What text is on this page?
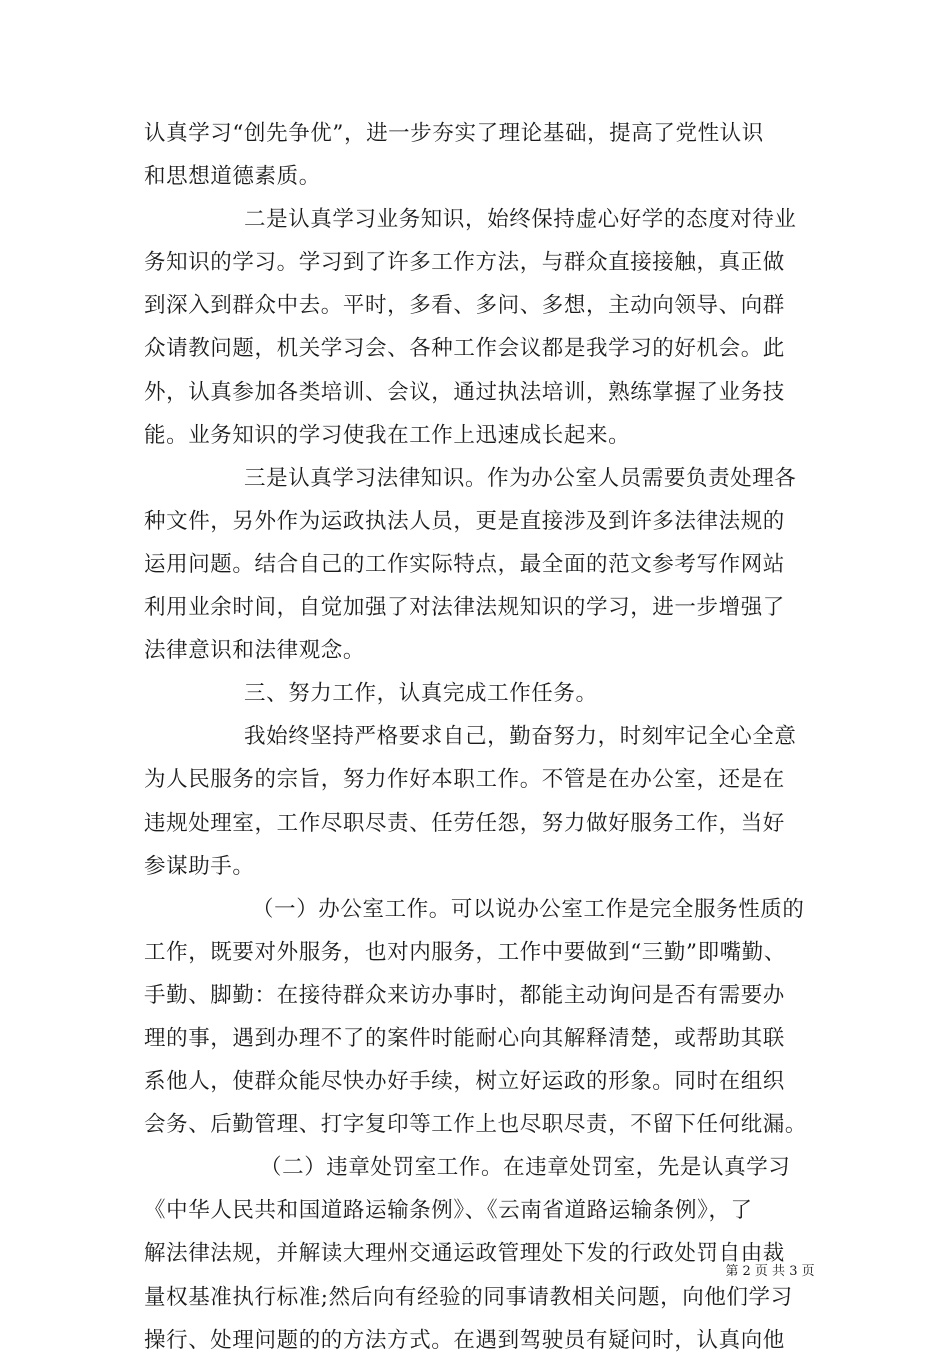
认真学习“创先争优”，进一步夯实了理论基础，提高了党性认识
和思想道德素质。
二是认真学习业务知识，始终保持虚心好学的态度对待业
务知识的学习。学习到了许多工作方法，与群众直接接触，真正做
到深入到群众中去。平时，多看、多问、多想，主动向领导、向群
众请教问题，机关学习会、各种工作会议都是我学习的好机会。此
外，认真参加各类培训、会议，通过执法培训，熟练掌握了业务技
能。业务知识的学习使我在工作上迅速成长起来。
三是认真学习法律知识。作为办公室人员需要负责处理各
种文件，另外作为运政执法人员，更是直接涉及到许多法律法规的
运用问题。结合自己的工作实际特点，最全面的范文参考写作网站
利用业余时间，自觉加强了对法律法规知识的学习，进一步增强了
法律意识和法律观念。
三、努力工作，认真完成工作任务。
我始终坚持严格要求自己，勤奋努力，时刻牢记全心全意
为人民服务的宗旨，努力作好本职工作。不管是在办公室，还是在
违规处理室，工作尽职尽责、任劳任怨，努力做好服务工作，当好
参谋助手。
（一）办公室工作。可以说办公室工作是完全服务性质的
工作，既要对外服务，也对内服务，工作中要做到“三勤”即嘴勤、
手勤、脚勤：在接待群众来访办事时，都能主动询问是否有需要办
理的事，遇到办理不了的案件时能耐心向其解释清楚，或帮助其联
系他人，使群众能尽快办好手续，树立好运政的形象。同时在组织
会务、后勤管理、打字复印等工作上也尽职尽责，不留下任何纰漏。
（二）违章处罚室工作。在违章处罚室，先是认真学习
《中华人民共和国道路运输条例》、《云南省道路运输条例》，了
解法律法规，并解读大理州交通运政管理处下发的行政处罚自由裁
量权基准执行标准;然后向有经验的同事请教相关问题，向他们学习
操行、处理问题的的方法方式。在遇到驾驶员有疑问时，认真向他
第 2 页 共 3 页
